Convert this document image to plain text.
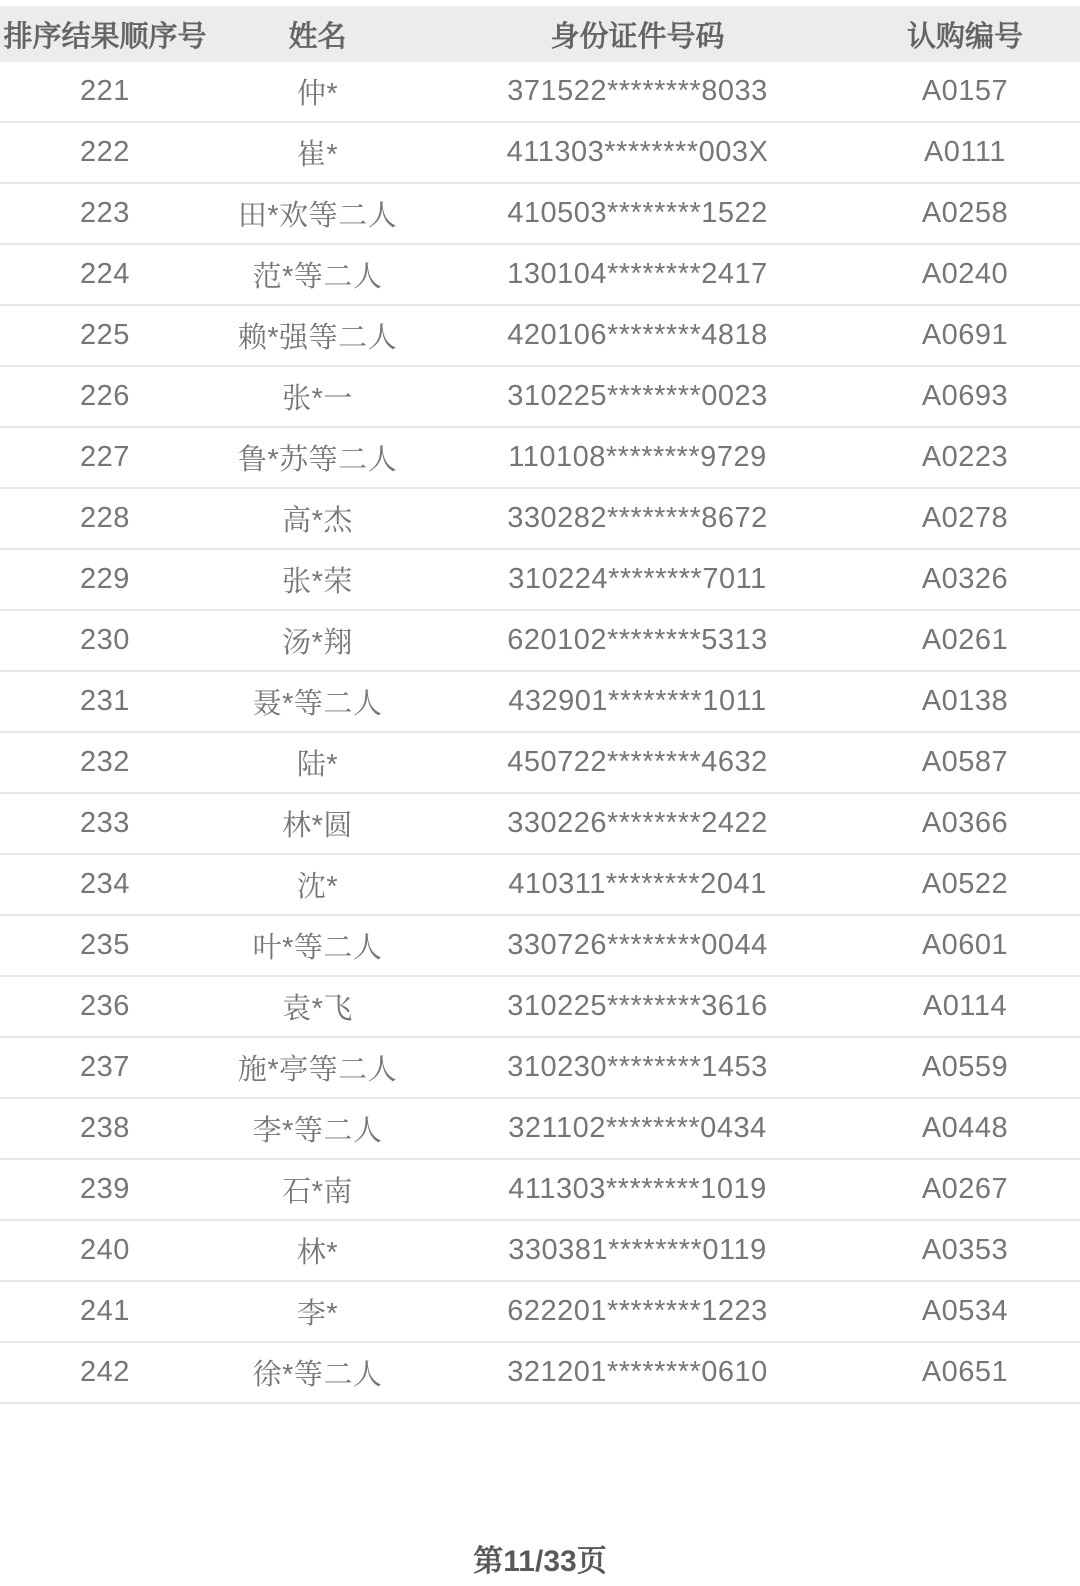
排序结果顺序号	姓名	身份证件号码	认购编号
221	仲*	371522********8033	A0157
222	崔*	411303********003X	A0111
223	田*欢等二人	410503********1522	A0258
224	范*等二人	130104********2417	A0240
225	赖*强等二人	420106********4818	A0691
226	张*一	310225********0023	A0693
227	鲁*苏等二人	110108********9729	A0223
228	高*杰	330282********8672	A0278
229	张*荣	310224********7011	A0326
230	汤*翔	620102********5313	A0261
231	聂*等二人	432901********1011	A0138
232	陆*	450722********4632	A0587
233	林*圆	330226********2422	A0366
234	沈*	410311********2041	A0522
235	叶*等二人	330726********0044	A0601
236	袁*飞	310225********3616	A0114
237	施*亭等二人	310230********1453	A0559
238	李*等二人	321102********0434	A0448
239	石*南	411303********1019	A0267
240	林*	330381********0119	A0353
241	李*	622201********1223	A0534
242	徐*等二人	321201********0610	A0651
第11/33页
